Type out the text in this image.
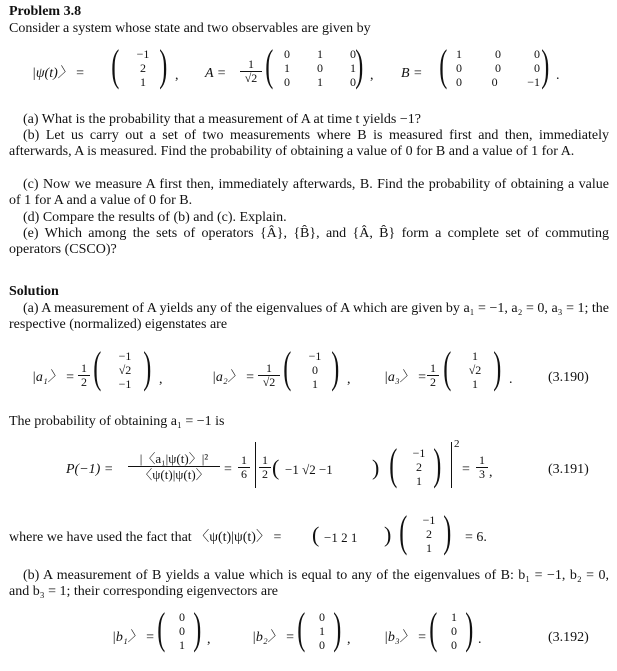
Problem 3.8
Consider a system whose state and two observables are given by
|ψ(t)〉 = (	−1
2
1 ) , $A = \frac{1}{√2}$ ( 0 1 0
1 0 1
0 1 0 ) , B = ( 1	0	0
0	0	0
0 0 −1 ) .
(a) What is the probability that a measurement of A at time t yields −1?
(b) Let us carry out a set of two measurements where B is measured first and then, immediately afterwards, A is measured. Find the probability of obtaining a value of 0 for B and a value of 1 for A.
(c) Now we measure A first then, immediately afterwards, B. Find the probability of obtaining a value of 1 for A and a value of 0 for B.
(d) Compare the results of (b) and (c). Explain.
(e) Which among the sets of operators {Â}, {B̂}, and {Â, B̂} form a complete set of commuting operators (CSCO)?
Solution
(a) A measurement of A yields any of the eigenvalues of A which are given by a₁ = −1, a₂ = 0, a₃ = 1; the respective (normalized) eigenstates are
|a₁〉 = $\frac{1}{2}$ (	−1
√2
−1 ) ,	|a₂〉 = $\frac{1}{√2}$ (	−1
0
1 ) , |a₃〉 = $\frac{1}{2}$ (	1
√2
1 ) .	(3.190)
The probability of obtaining a₁ = −1 is
$P(-1) = \frac{\text{|〈a₁|ψ(t)〉|²}}{〈\psi(t)|\psi(t)〉} = \frac{1}{6} \frac{1}{2}$ ( −1 √2 −1 ) (	−1
2
1 ) 2
= $\frac{1}{3}$ ,	(3.191)
where we have used the fact that 〈ψ(t)|ψ(t)〉 = ( −1 2 1 ) (	−1
2
1 ) = 6.
(b) A measurement of B yields a value which is equal to any of the eigenvalues of B: b₁ = −1, b₂ = 0, and b₃ = 1; their corresponding eigenvectors are
|b₁〉 = (	0
0
1 ) ,	|b₂〉 = (	0
1
0 ) , |b₃〉 = (	1
0
0 ) .	(3.192)
